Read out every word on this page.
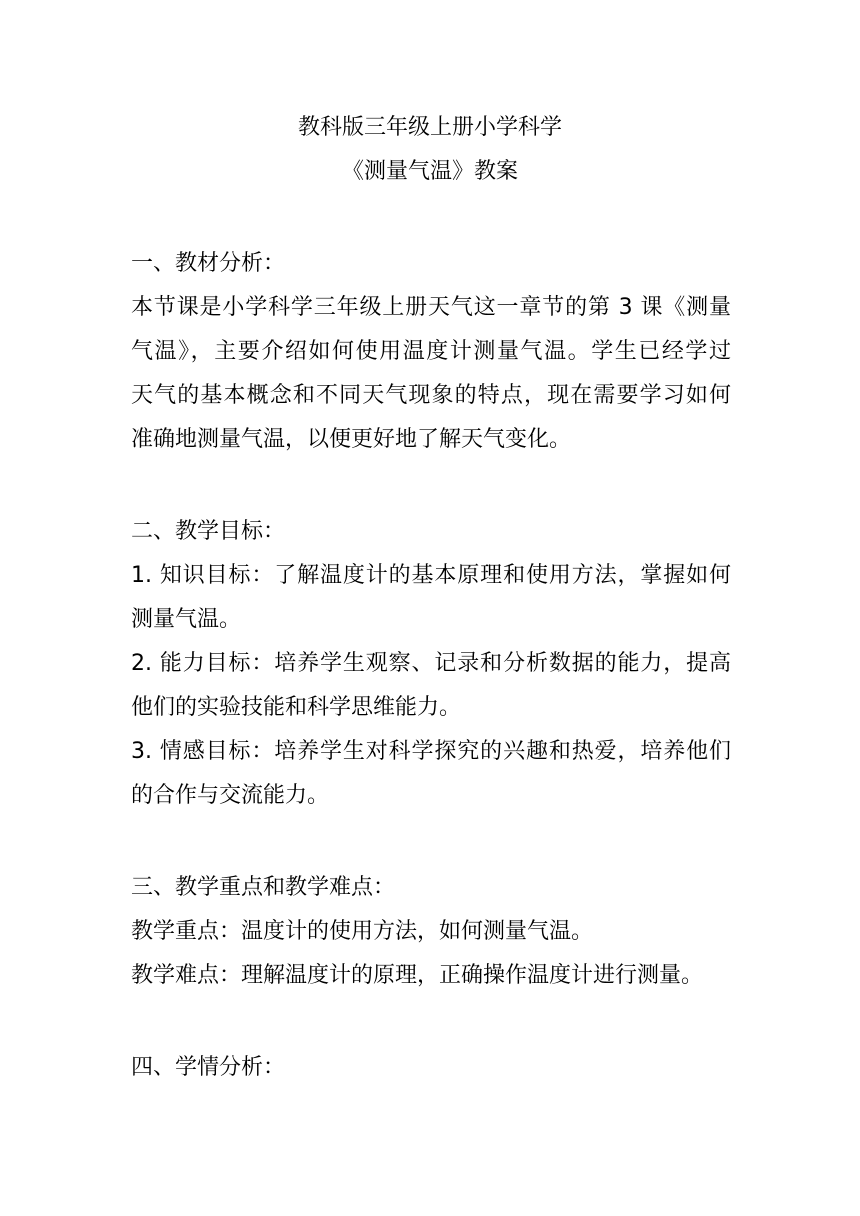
教科版三年级上册小学科学
《测量气温》教案
一、教材分析：
本节课是小学科学三年级上册天气这一章节的第 3 课《测量
气温》，主要介绍如何使用温度计测量气温。学生已经学过
天气的基本概念和不同天气现象的特点，现在需要学习如何
准确地测量气温，以便更好地了解天气变化。
二、教学目标：
1. 知识目标：了解温度计的基本原理和使用方法，掌握如何
测量气温。
2. 能力目标：培养学生观察、记录和分析数据的能力，提高
他们的实验技能和科学思维能力。
3. 情感目标：培养学生对科学探究的兴趣和热爱，培养他们
的合作与交流能力。
三、教学重点和教学难点：
教学重点：温度计的使用方法，如何测量气温。
教学难点：理解温度计的原理，正确操作温度计进行测量。
四、学情分析：
